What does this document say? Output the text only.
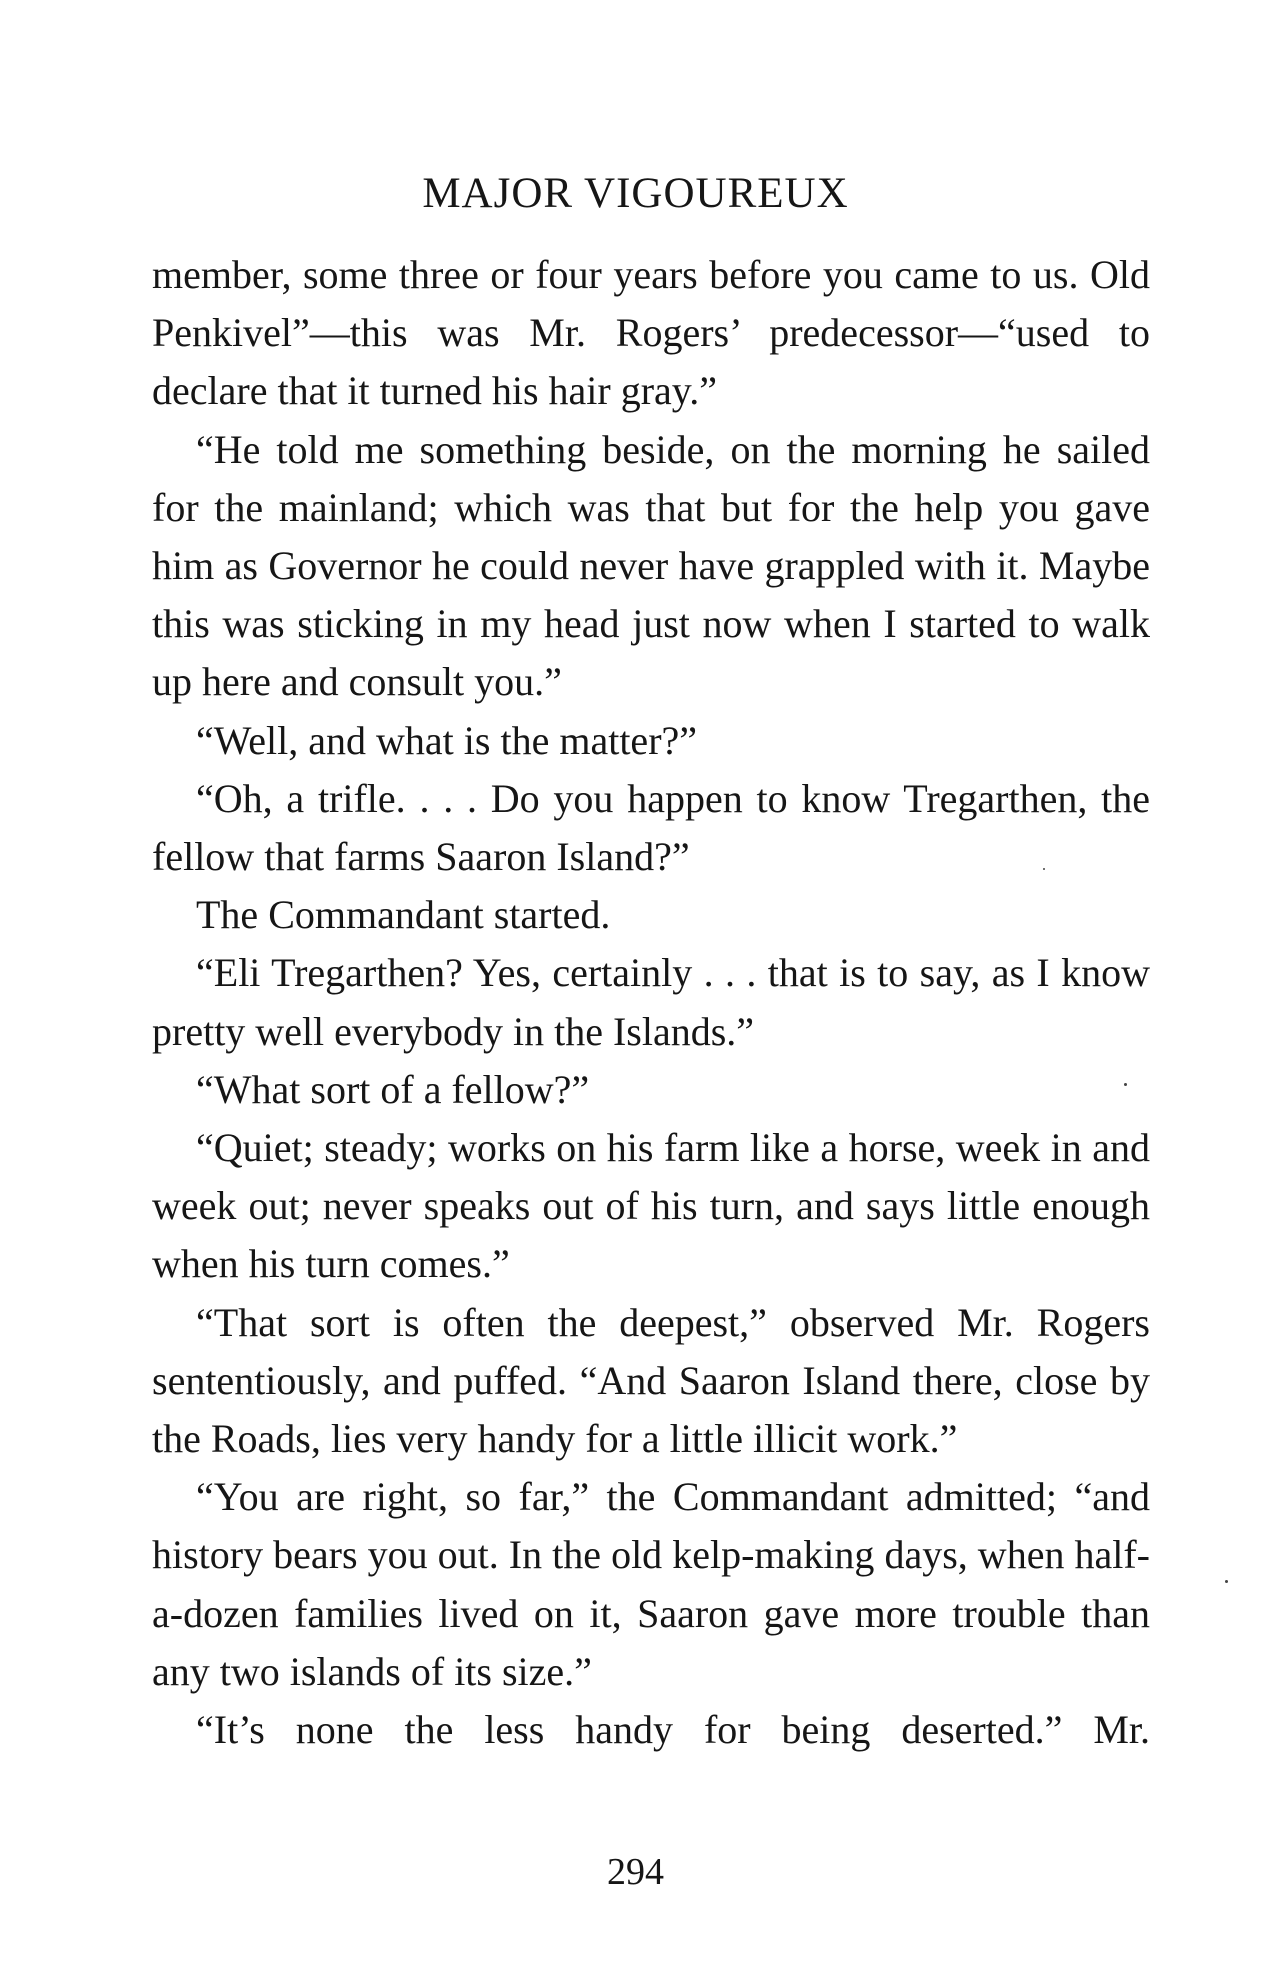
MAJOR VIGOUREUX

member, some three or four years before you came to us. Old Penkivel”—this was Mr. Rogers’ predecessor—“used to declare that it turned his hair gray.”

“He told me something beside, on the morning he sailed for the mainland; which was that but for the help you gave him as Governor he could never have grappled with it. Maybe this was sticking in my head just now when I started to walk up here and consult you.”

“Well, and what is the matter?”

“Oh, a trifle. . . . Do you happen to know Tregarthen, the fellow that farms Saaron Island?”

The Commandant started.

“Eli Tregarthen? Yes, certainly . . . that is to say, as I know pretty well everybody in the Islands.”

“What sort of a fellow?”

“Quiet; steady; works on his farm like a horse, week in and week out; never speaks out of his turn, and says little enough when his turn comes.”

“That sort is often the deepest,” observed Mr. Rogers sententiously, and puffed. “And Saaron Island there, close by the Roads, lies very handy for a little illicit work.”

“You are right, so far,” the Commandant admitted; “and history bears you out. In the old kelp-making days, when half-a-dozen families lived on it, Saaron gave more trouble than any two islands of its size.”

“It’s none the less handy for being deserted.” Mr.

294
